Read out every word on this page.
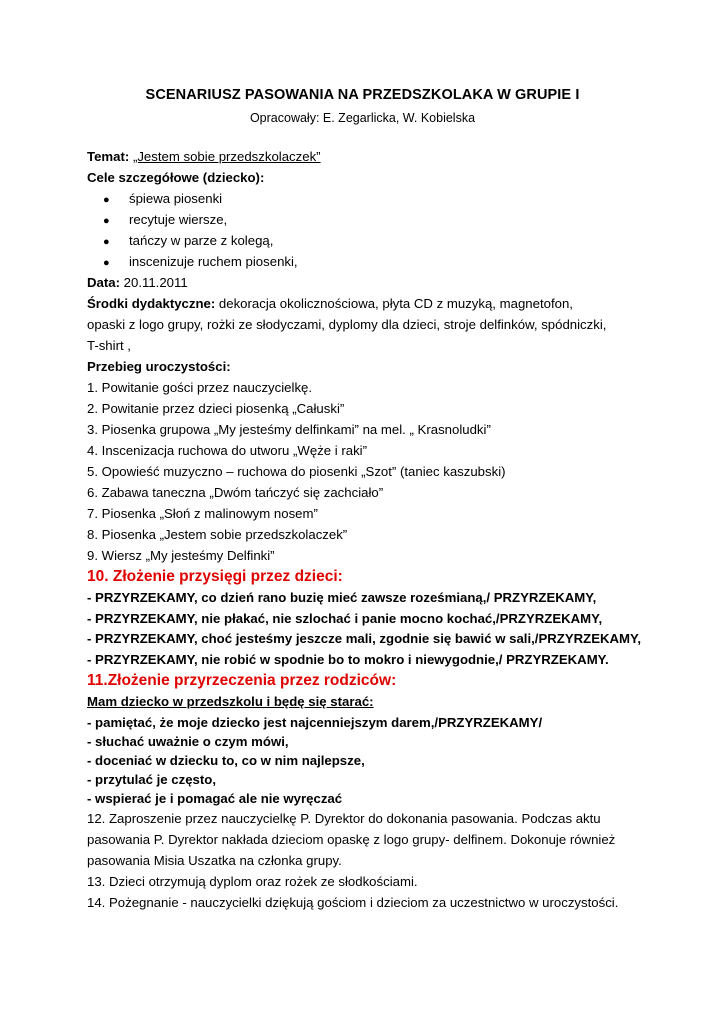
SCENARIUSZ PASOWANIA NA PRZEDSZKOLAKA W GRUPIE I
Opracowały: E. Zegarlicka, W. Kobielska
Temat: „Jestem sobie przedszkolaczek”
Cele szczegółowe (dziecko):
● śpiewa piosenki
● recytuje wiersze,
● tańczy w parze z kolegą,
● inscenizuje ruchem piosenki,
Data: 20.11.2011
Środki dydaktyczne: dekoracja okolicznościowa, płyta CD z muzyką, magnetofon,
opaski z logo grupy, rożki ze słodyczami, dyplomy dla dzieci, stroje delfinków, spódniczki,
T-shirt ,
Przebieg uroczystości:
1. Powitanie gości przez nauczycielkę.
2. Powitanie przez dzieci piosenką „Całuski”
3. Piosenka grupowa „My jesteśmy delfinkami” na mel. „ Krasnoludki”
4. Inscenizacja ruchowa do utworu „Węże i raki”
5. Opowieść muzyczno – ruchowa do piosenki „Szot” (taniec kaszubski)
6. Zabawa taneczna „Dwóm tańczyć się zachciało”
7. Piosenka „Słoń z malinowym nosem”
8. Piosenka „Jestem sobie przedszkolaczek”
9. Wiersz „My jesteśmy Delfinki”
10. Złożenie przysięgi przez dzieci:
- PRZYRZEKAMY, co dzień rano buzię mieć zawsze roześmianą,/ PRZYRZEKAMY,
- PRZYRZEKAMY, nie płakać, nie szlochać i panie mocno kochać,/PRZYRZEKAMY,
- PRZYRZEKAMY, choć jesteśmy jeszcze mali, zgodnie się bawić w sali,/PRZYRZEKAMY,
- PRZYRZEKAMY, nie robić w spodnie bo to mokro i niewygodnie,/ PRZYRZEKAMY.
11.Złożenie przyrzeczenia przez rodziców:
Mam dziecko w przedszkolu i będę się starać:
- pamiętać, że moje dziecko jest najcenniejszym darem,/PRZYRZEKAMY/
- słuchać uważnie o czym mówi,
- doceniać w dziecku to, co w nim najlepsze,
- przytulać je często,
- wspierać je i pomagać ale nie wyręczać
12. Zaproszenie przez nauczycielkę P. Dyrektor do dokonania pasowania. Podczas aktu
pasowania P. Dyrektor nakłada dzieciom opaskę z logo grupy- delfinem. Dokonuje również
pasowania Misia Uszatka na członka grupy.
13. Dzieci otrzymują dyplom oraz rożek ze słodkościami.
14. Pożegnanie - nauczycielki dziękują gościom i dzieciom za uczestnictwo w uroczystości.
